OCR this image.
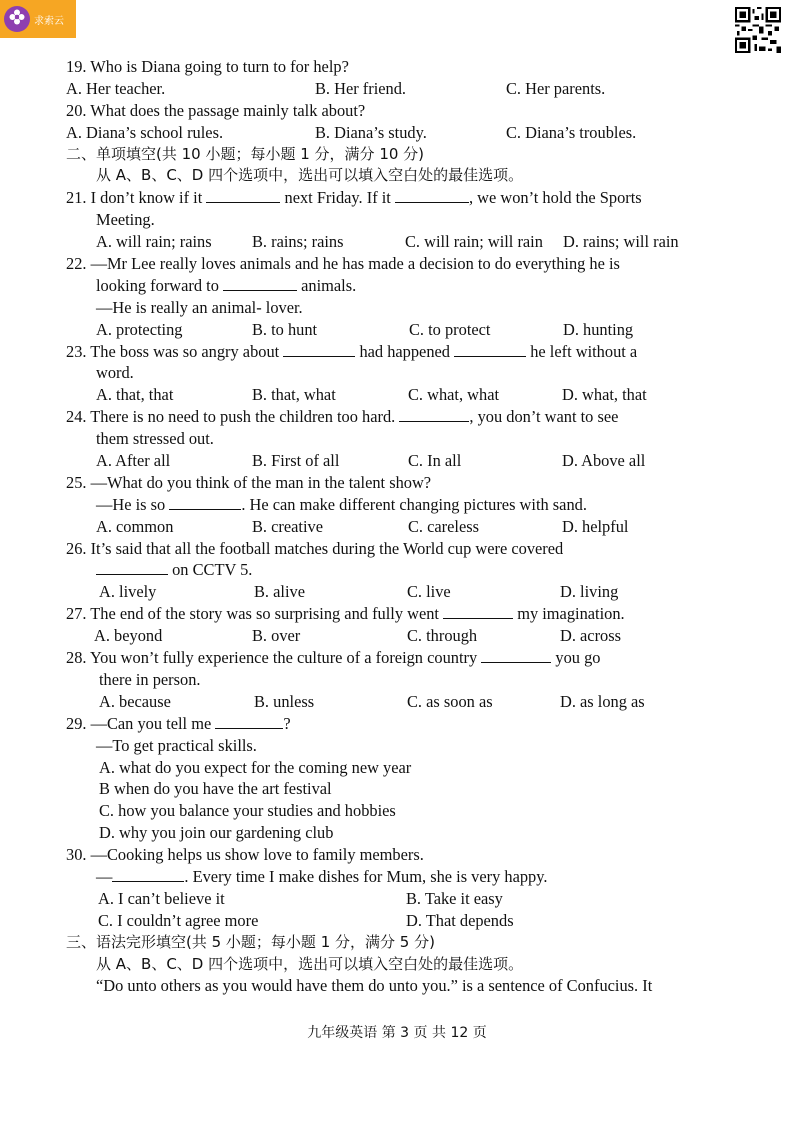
求索云
19. Who is Diana going to turn to for help?
A. Her teacher.	B. Her friend.	C. Her parents.
20. What does the passage mainly talk about?
A. Diana’s school rules.	B. Diana’s study.	C. Diana’s troubles.
二、单项填空(共 10 小题；每小题 1 分，满分 10 分)
从 A、B、C、D 四个选项中，选出可以填入空白处的最佳选项。
21. I don’t know if it	next Friday. If it	, we won’t hold the Sports
Meeting.
A. will rain; rains B. rains; rains	C. will rain; will rain D. rains; will rain
22. —Mr Lee really loves animals and he has made a decision to do everything he is
looking forward to	animals.
—He is really an animal- lover.
A. protecting	B. to hunt	C. to protect	D. hunting
23. The boss was so angry about	had happened	he left without a
word.
A. that, that	B. that, what	C. what, what	D. what, that
24. There is no need to push the children too hard.	, you don’t want to see
them stressed out.
A. After all	B. First of all	C. In all	D. Above all
25. —What do you think of the man in the talent show?
—He is so	. He can make different changing pictures with sand.
A. common	B. creative	C. careless	D. helpful
26. It’s said that all the football matches during the World cup were covered
on CCTV 5.
A. lively	B. alive	C. live	D. living
27. The end of the story was so surprising and fully went	my imagination.
A. beyond	B. over	C. through	D. across
28. You won’t fully experience the culture of a foreign country	you go
there in person.
A. because	B. unless	C. as soon as	D. as long as
29. —Can you tell me	?
—To get practical skills.
A. what do you expect for the coming new year
B when do you have the art festival
C. how you balance your studies and hobbies
D. why you join our gardening club
30. —Cooking helps us show love to family members.
—	. Every time I make dishes for Mum, she is very happy.
A. I can’t believe it	B. Take it easy
C. I couldn’t agree more	D. That depends
三、语法完形填空(共 5 小题；每小题 1 分，满分 5 分)
从 A、B、C、D 四个选项中，选出可以填入空白处的最佳选项。
“Do unto others as you would have them do unto you.” is a sentence of Confucius. It
九年级英语 第 3 页 共 12 页
